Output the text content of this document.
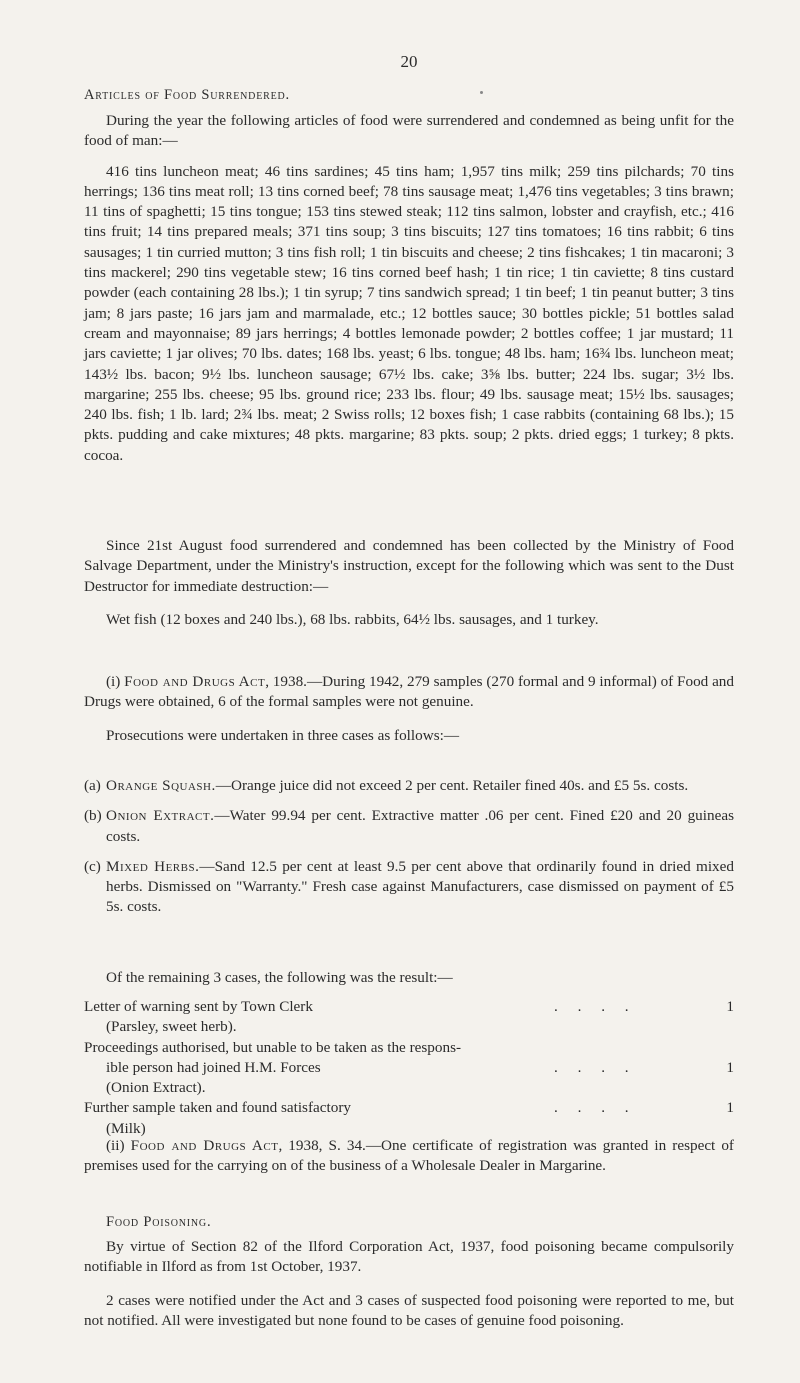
20
Articles of Food Surrendered.

During the year the following articles of food were surrendered and condemned as being unfit for the food of man:—

416 tins luncheon meat; 46 tins sardines; 45 tins ham; 1,957 tins milk; 259 tins pilchards; 70 tins herrings; 136 tins meat roll; 13 tins corned beef; 78 tins sausage meat; 1,476 tins vegetables; 3 tins brawn; 11 tins of spaghetti; 15 tins tongue; 153 tins stewed steak; 112 tins salmon, lobster and crayfish, etc.; 416 tins fruit; 14 tins prepared meals; 371 tins soup; 3 tins biscuits; 127 tins tomatoes; 16 tins rabbit; 6 tins sausages; 1 tin curried mutton; 3 tins fish roll; 1 tin biscuits and cheese; 2 tins fishcakes; 1 tin macaroni; 3 tins mackerel; 290 tins vegetable stew; 16 tins corned beef hash; 1 tin rice; 1 tin caviette; 8 tins custard powder (each containing 28 lbs.); 1 tin syrup; 7 tins sandwich spread; 1 tin beef; 1 tin peanut butter; 3 tins jam; 8 jars paste; 16 jars jam and marmalade, etc.; 12 bottles sauce; 30 bottles pickle; 51 bottles salad cream and mayonnaise; 89 jars herrings; 4 bottles lemonade powder; 2 bottles coffee; 1 jar mustard; 11 jars caviette; 1 jar olives; 70 lbs. dates; 168 lbs. yeast; 6 lbs. tongue; 48 lbs. ham; 16¾ lbs. luncheon meat; 143½ lbs. bacon; 9½ lbs. luncheon sausage; 67½ lbs. cake; 3⅝ lbs. butter; 224 lbs. sugar; 3½ lbs. margarine; 255 lbs. cheese; 95 lbs. ground rice; 233 lbs. flour; 49 lbs. sausage meat; 15½ lbs. sausages; 240 lbs. fish; 1 lb. lard; 2¾ lbs. meat; 2 Swiss rolls; 12 boxes fish; 1 case rabbits (containing 68 lbs.); 15 pkts. pudding and cake mixtures; 48 pkts. margarine; 83 pkts. soup; 2 pkts. dried eggs; 1 turkey; 8 pkts. cocoa.

Since 21st August food surrendered and condemned has been collected by the Ministry of Food Salvage Department, under the Ministry's instruction, except for the following which was sent to the Dust Destructor for immediate destruction:—

Wet fish (12 boxes and 240 lbs.), 68 lbs. rabbits, 64½ lbs. sausages, and 1 turkey.

(i) Food and Drugs Act, 1938.—During 1942, 279 samples (270 formal and 9 informal) of Food and Drugs were obtained, 6 of the formal samples were not genuine.

Prosecutions were undertaken in three cases as follows:—

(a) Orange Squash.—Orange juice did not exceed 2 per cent. Retailer fined 40s. and £5 5s. costs.

(b) Onion Extract.—Water 99.94 per cent. Extractive matter .06 per cent. Fined £20 and 20 guineas costs.

(c) Mixed Herbs.—Sand 12.5 per cent at least 9.5 per cent above that ordinarily found in dried mixed herbs. Dismissed on "Warranty." Fresh case against Manufacturers, case dismissed on payment of £5 5s. costs.

Of the remaining 3 cases, the following was the result:—

Letter of warning sent by Town Clerk	. . . .	1
(Parsley, sweet herb).
Proceedings authorised, but unable to be taken as the respons-
ible person had joined H.M. Forces	. . . .	1
(Onion Extract).
Further sample taken and found satisfactory	. . . .	1
(Milk)

(ii) Food and Drugs Act, 1938, S. 34.—One certificate of registration was granted in respect of premises used for the carrying on of the business of a Wholesale Dealer in Margarine.

Food Poisoning.

By virtue of Section 82 of the Ilford Corporation Act, 1937, food poisoning became compulsorily notifiable in Ilford as from 1st October, 1937.

2 cases were notified under the Act and 3 cases of suspected food poisoning were reported to me, but not notified. All were investigated but none found to be cases of genuine food poisoning.
